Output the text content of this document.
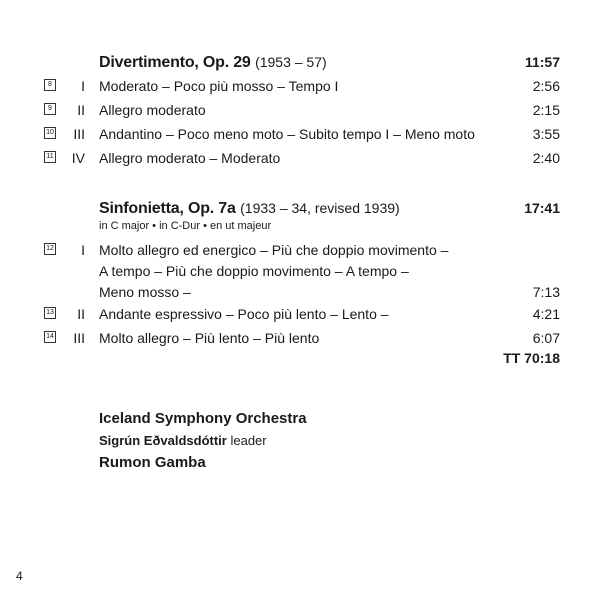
Divertimento, Op. 29 (1953 – 57)	11:57
8	I Moderato – Poco più mosso – Tempo I	2:56
9	II Allegro moderato	2:15
10	III Andantino – Poco meno moto – Subito tempo I – Meno moto	3:55
11	IV Allegro moderato – Moderato	2:40
Sinfonietta, Op. 7a (1933 – 34, revised 1939)	17:41
in C major • in C-Dur • en ut majeur
12	I Molto allegro ed energico – Più che doppio movimento –
A tempo – Più che doppio movimento – A tempo –
Meno mosso –	7:13
13	II Andante espressivo – Poco più lento – Lento –	4:21
14	III Molto allegro – Più lento – Più lento	6:07
TT 70:18
Iceland Symphony Orchestra
Sigrún Eðvaldsdóttir leader
Rumon Gamba
4
